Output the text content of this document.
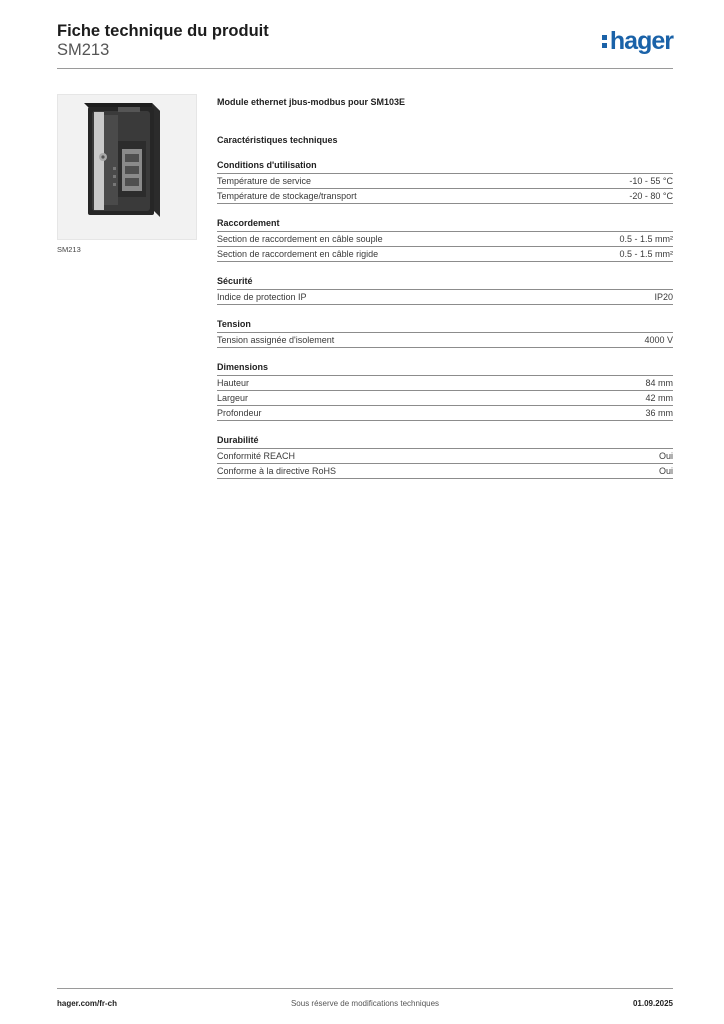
Fiche technique du produit
SM213	hager
SM213
Module ethernet jbus-modbus pour SM103E
Caractéristiques techniques
Conditions d'utilisation
Température de service	-10 - 55 °C
Température de stockage/transport	-20 - 80 °C
Raccordement
Section de raccordement en câble souple	0.5 - 1.5 mm²
Section de raccordement en câble rigide	0.5 - 1.5 mm²
Sécurité
Indice de protection IP	IP20
Tension
Tension assignée d'isolement	4000 V
Dimensions
Hauteur	84 mm
Largeur	42 mm
Profondeur	36 mm
Durabilité
Conformité REACH	Oui
Conforme à la directive RoHS	Oui
hager.com/fr-ch	Sous réserve de modifications techniques	01.09.2025
